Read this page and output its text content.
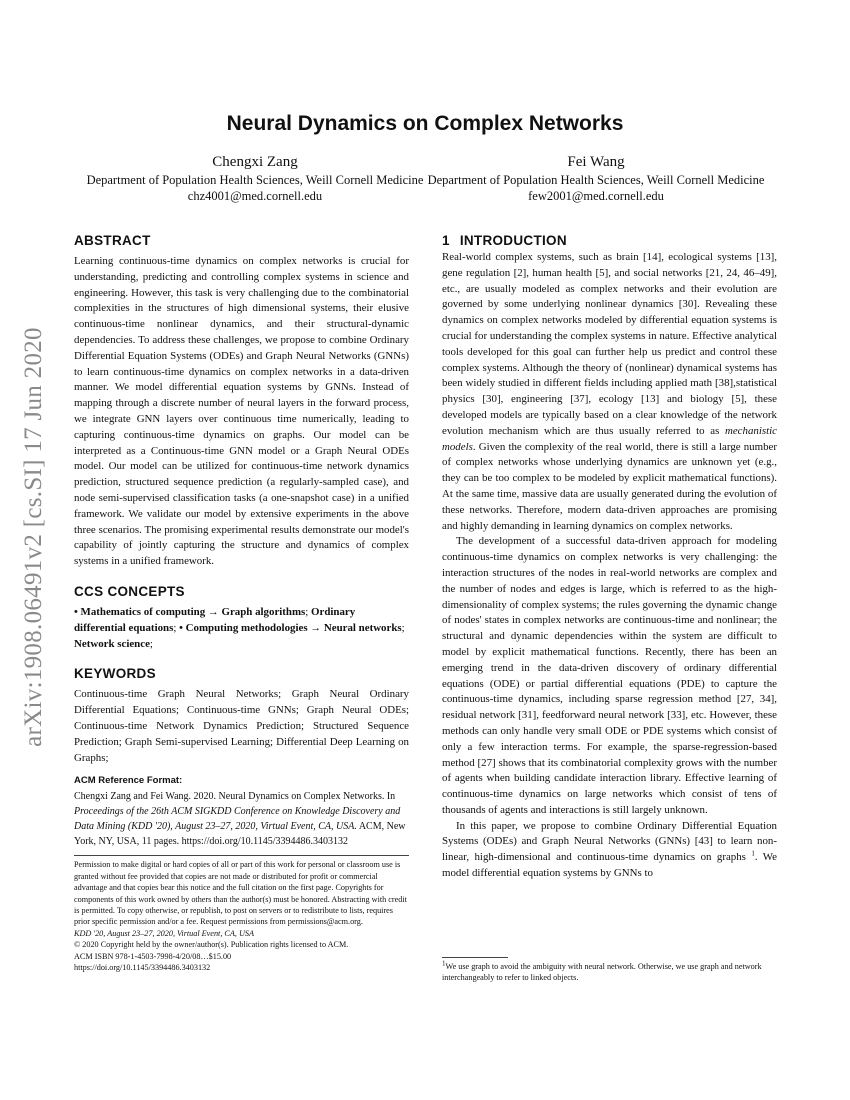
arXiv:1908.06491v2 [cs.SI] 17 Jun 2020
Neural Dynamics on Complex Networks
Chengxi Zang
Department of Population Health Sciences, Weill Cornell Medicine
chz4001@med.cornell.edu
Fei Wang
Department of Population Health Sciences, Weill Cornell Medicine
few2001@med.cornell.edu
ABSTRACT

Learning continuous-time dynamics on complex networks is crucial for understanding, predicting and controlling complex systems in science and engineering. However, this task is very challenging due to the combinatorial complexities in the structures of high dimensional systems, their elusive continuous-time nonlinear dynamics, and their structural-dynamic dependencies. To address these challenges, we propose to combine Ordinary Differential Equation Systems (ODEs) and Graph Neural Networks (GNNs) to learn continuous-time dynamics on complex networks in a data-driven manner. We model differential equation systems by GNNs. Instead of mapping through a discrete number of neural layers in the forward process, we integrate GNN layers over continuous time numerically, leading to capturing continuous-time dynamics on graphs. Our model can be interpreted as a Continuous-time GNN model or a Graph Neural ODEs model. Our model can be utilized for continuous-time network dynamics prediction, structured sequence prediction (a regularly-sampled case), and node semi-supervised classification tasks (a one-snapshot case) in a unified framework. We validate our model by extensive experiments in the above three scenarios. The promising experimental results demonstrate our model's capability of jointly capturing the structure and dynamics of complex systems in a unified framework.

CCS CONCEPTS
• Mathematics of computing → Graph algorithms; Ordinary differential equations; • Computing methodologies → Neural networks; Network science;
KEYWORDS

Continuous-time Graph Neural Networks; Graph Neural Ordinary Differential Equations; Continuous-time GNNs; Graph Neural ODEs; Continuous-time Network Dynamics Prediction; Structured Sequence Prediction; Graph Semi-supervised Learning; Differential Deep Learning on Graphs;

ACM Reference Format:

Chengxi Zang and Fei Wang. 2020. Neural Dynamics on Complex Networks. In Proceedings of the 26th ACM SIGKDD Conference on Knowledge Discovery and Data Mining (KDD '20), August 23–27, 2020, Virtual Event, CA, USA. ACM, New York, NY, USA, 11 pages. https://doi.org/10.1145/3394486.3403132

Permission to make digital or hard copies of all or part of this work for personal or classroom use is granted without fee provided that copies are not made or distributed for profit or commercial advantage and that copies bear this notice and the full citation on the first page. Copyrights for components of this work owned by others than the author(s) must be honored. Abstracting with credit is permitted. To copy otherwise, or republish, to post on servers or to redistribute to lists, requires prior specific permission and/or a fee. Request permissions from permissions@acm.org.
KDD '20, August 23–27, 2020, Virtual Event, CA, USA
© 2020 Copyright held by the owner/author(s). Publication rights licensed to ACM.
ACM ISBN 978-1-4503-7998-4/20/08…$15.00
https://doi.org/10.1145/3394486.3403132
1 INTRODUCTION

Real-world complex systems, such as brain [14], ecological systems [13], gene regulation [2], human health [5], and social networks [21, 24, 46–49], etc., are usually modeled as complex networks and their evolution are governed by some underlying nonlinear dynamics [30]. Revealing these dynamics on complex networks modeled by differential equation systems is crucial for understanding the complex systems in nature. Effective analytical tools developed for this goal can further help us predict and control these complex systems. Although the theory of (nonlinear) dynamical systems has been widely studied in different fields including applied math [38],statistical physics [30], engineering [37], ecology [13] and biology [5], these developed models are typically based on a clear knowledge of the network evolution mechanism which are thus usually referred to as mechanistic models. Given the complexity of the real world, there is still a large number of complex networks whose underlying dynamics are unknown yet (e.g., they can be too complex to be modeled by explicit mathematical functions). At the same time, massive data are usually generated during the evolution of these networks. Therefore, modern data-driven approaches are promising and highly demanding in learning dynamics on complex networks.

The development of a successful data-driven approach for modeling continuous-time dynamics on complex networks is very challenging: the interaction structures of the nodes in real-world networks are complex and the number of nodes and edges is large, which is referred to as the high-dimensionality of complex systems; the rules governing the dynamic change of nodes' states in complex networks are continuous-time and nonlinear; the structural and dynamic dependencies within the system are difficult to model by explicit mathematical functions. Recently, there has been an emerging trend in the data-driven discovery of ordinary differential equations (ODE) or partial differential equations (PDE) to capture the continuous-time dynamics, including sparse regression method [27, 34], residual network [31], feedforward neural network [33], etc. However, these methods can only handle very small ODE or PDE systems which consist of only a few interaction terms. For example, the sparse-regression-based method [27] shows that its combinatorial complexity grows with the number of agents when building candidate interaction library. Effective learning of continuous-time dynamics on large networks which consist of tens of thousands of agents and interactions is still largely unknown.

In this paper, we propose to combine Ordinary Differential Equation Systems (ODEs) and Graph Neural Networks (GNNs) [43] to learn non-linear, high-dimensional and continuous-time dynamics on graphs $^1$. We model differential equation systems by GNNs to

$^1$We use graph to avoid the ambiguity with neural network. Otherwise, we use graph and network interchangeably to refer to linked objects.
